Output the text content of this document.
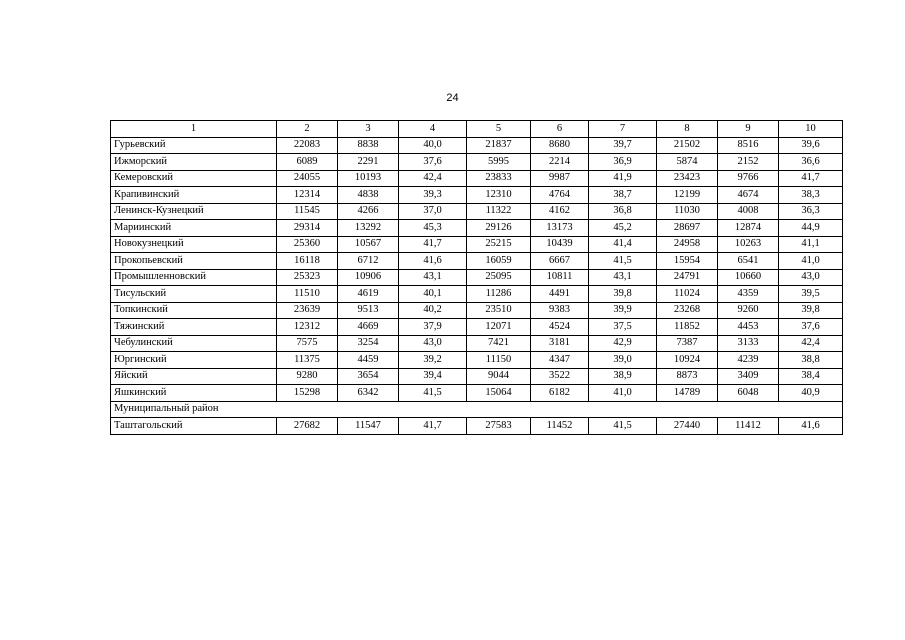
24
1	2	3	4	5	6	7	8	9	10
Гурьевский	22083	8838	40,0	21837	8680	39,7	21502	8516	39,6
Ижморский	6089	2291	37,6	5995	2214	36,9	5874	2152	36,6
Кемеровский	24055	10193	42,4	23833	9987	41,9	23423	9766	41,7
Крапивинский	12314	4838	39,3	12310	4764	38,7	12199	4674	38,3
Ленинск-Кузнецкий	11545	4266	37,0	11322	4162	36,8	11030	4008	36,3
Мариинский	29314	13292	45,3	29126	13173	45,2	28697	12874	44,9
Новокузнецкий	25360	10567	41,7	25215	10439	41,4	24958	10263	41,1
Прокопьевский	16118	6712	41,6	16059	6667	41,5	15954	6541	41,0
Промышленновский	25323	10906	43,1	25095	10811	43,1	24791	10660	43,0
Тисульский	11510	4619	40,1	11286	4491	39,8	11024	4359	39,5
Топкинский	23639	9513	40,2	23510	9383	39,9	23268	9260	39,8
Тяжинский	12312	4669	37,9	12071	4524	37,5	11852	4453	37,6
Чебулинский	7575	3254	43,0	7421	3181	42,9	7387	3133	42,4
Юргинский	11375	4459	39,2	11150	4347	39,0	10924	4239	38,8
Яйский	9280	3654	39,4	9044	3522	38,9	8873	3409	38,4
Яшкинский	15298	6342	41,5	15064	6182	41,0	14789	6048	40,9
Муниципальный район									
Таштагольский	27682	11547	41,7	27583	11452	41,5	27440	11412	41,6
